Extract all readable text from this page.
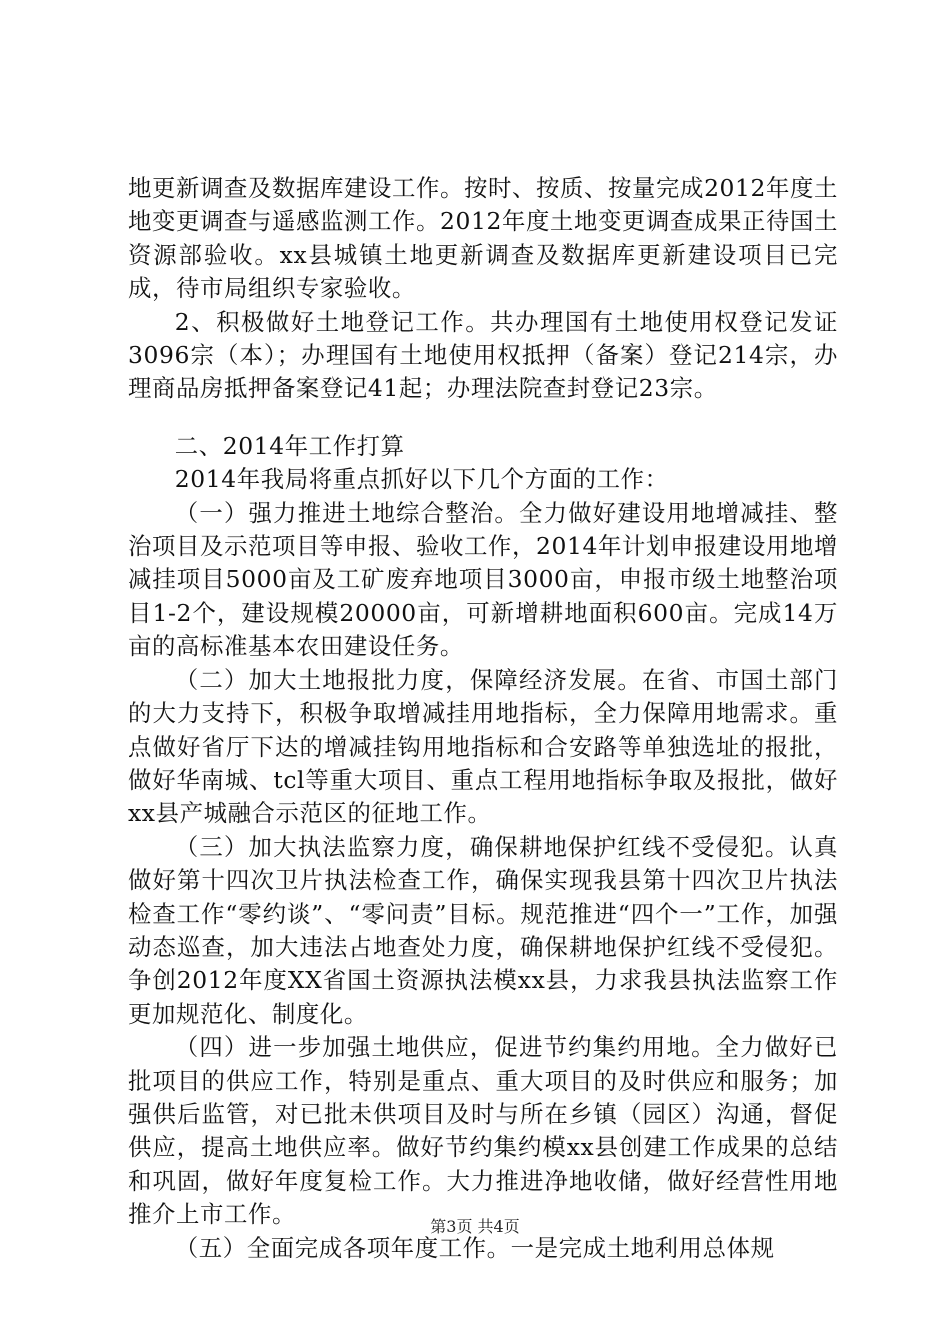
地更新调查及数据库建设工作。按时、按质、按量完成2012年度土地变更调查与遥感监测工作。2012年度土地变更调查成果正待国土资源部验收。xx县城镇土地更新调查及数据库更新建设项目已完成，待市局组织专家验收。

2、积极做好土地登记工作。共办理国有土地使用权登记发证3096宗（本）；办理国有土地使用权抵押（备案）登记214宗，办理商品房抵押备案登记41起；办理法院查封登记23宗。

二、2014年工作打算

2014年我局将重点抓好以下几个方面的工作：

（一）强力推进土地综合整治。全力做好建设用地增减挂、整治项目及示范项目等申报、验收工作，2014年计划申报建设用地增减挂项目5000亩及工矿废弃地项目3000亩，申报市级土地整治项目1-2个，建设规模20000亩，可新增耕地面积600亩。完成14万亩的高标准基本农田建设任务。

（二）加大土地报批力度，保障经济发展。在省、市国土部门的大力支持下，积极争取增减挂用地指标，全力保障用地需求。重点做好省厅下达的增减挂钩用地指标和合安路等单独选址的报批，做好华南城、tcl等重大项目、重点工程用地指标争取及报批，做好xx县产城融合示范区的征地工作。

（三）加大执法监察力度，确保耕地保护红线不受侵犯。认真做好第十四次卫片执法检查工作，确保实现我县第十四次卫片执法检查工作“零约谈”、“零问责”目标。规范推进“四个一”工作，加强动态巡查，加大违法占地查处力度，确保耕地保护红线不受侵犯。争创2012年度XX省国土资源执法模xx县，力求我县执法监察工作更加规范化、制度化。

（四）进一步加强土地供应，促进节约集约用地。全力做好已批项目的供应工作，特别是重点、重大项目的及时供应和服务；加强供后监管，对已批未供项目及时与所在乡镇（园区）沟通，督促供应，提高土地供应率。做好节约集约模xx县创建工作成果的总结和巩固，做好年度复检工作。大力推进净地收储，做好经营性用地推介上市工作。

（五）全面完成各项年度工作。一是完成土地利用总体规

第3页 共4页
